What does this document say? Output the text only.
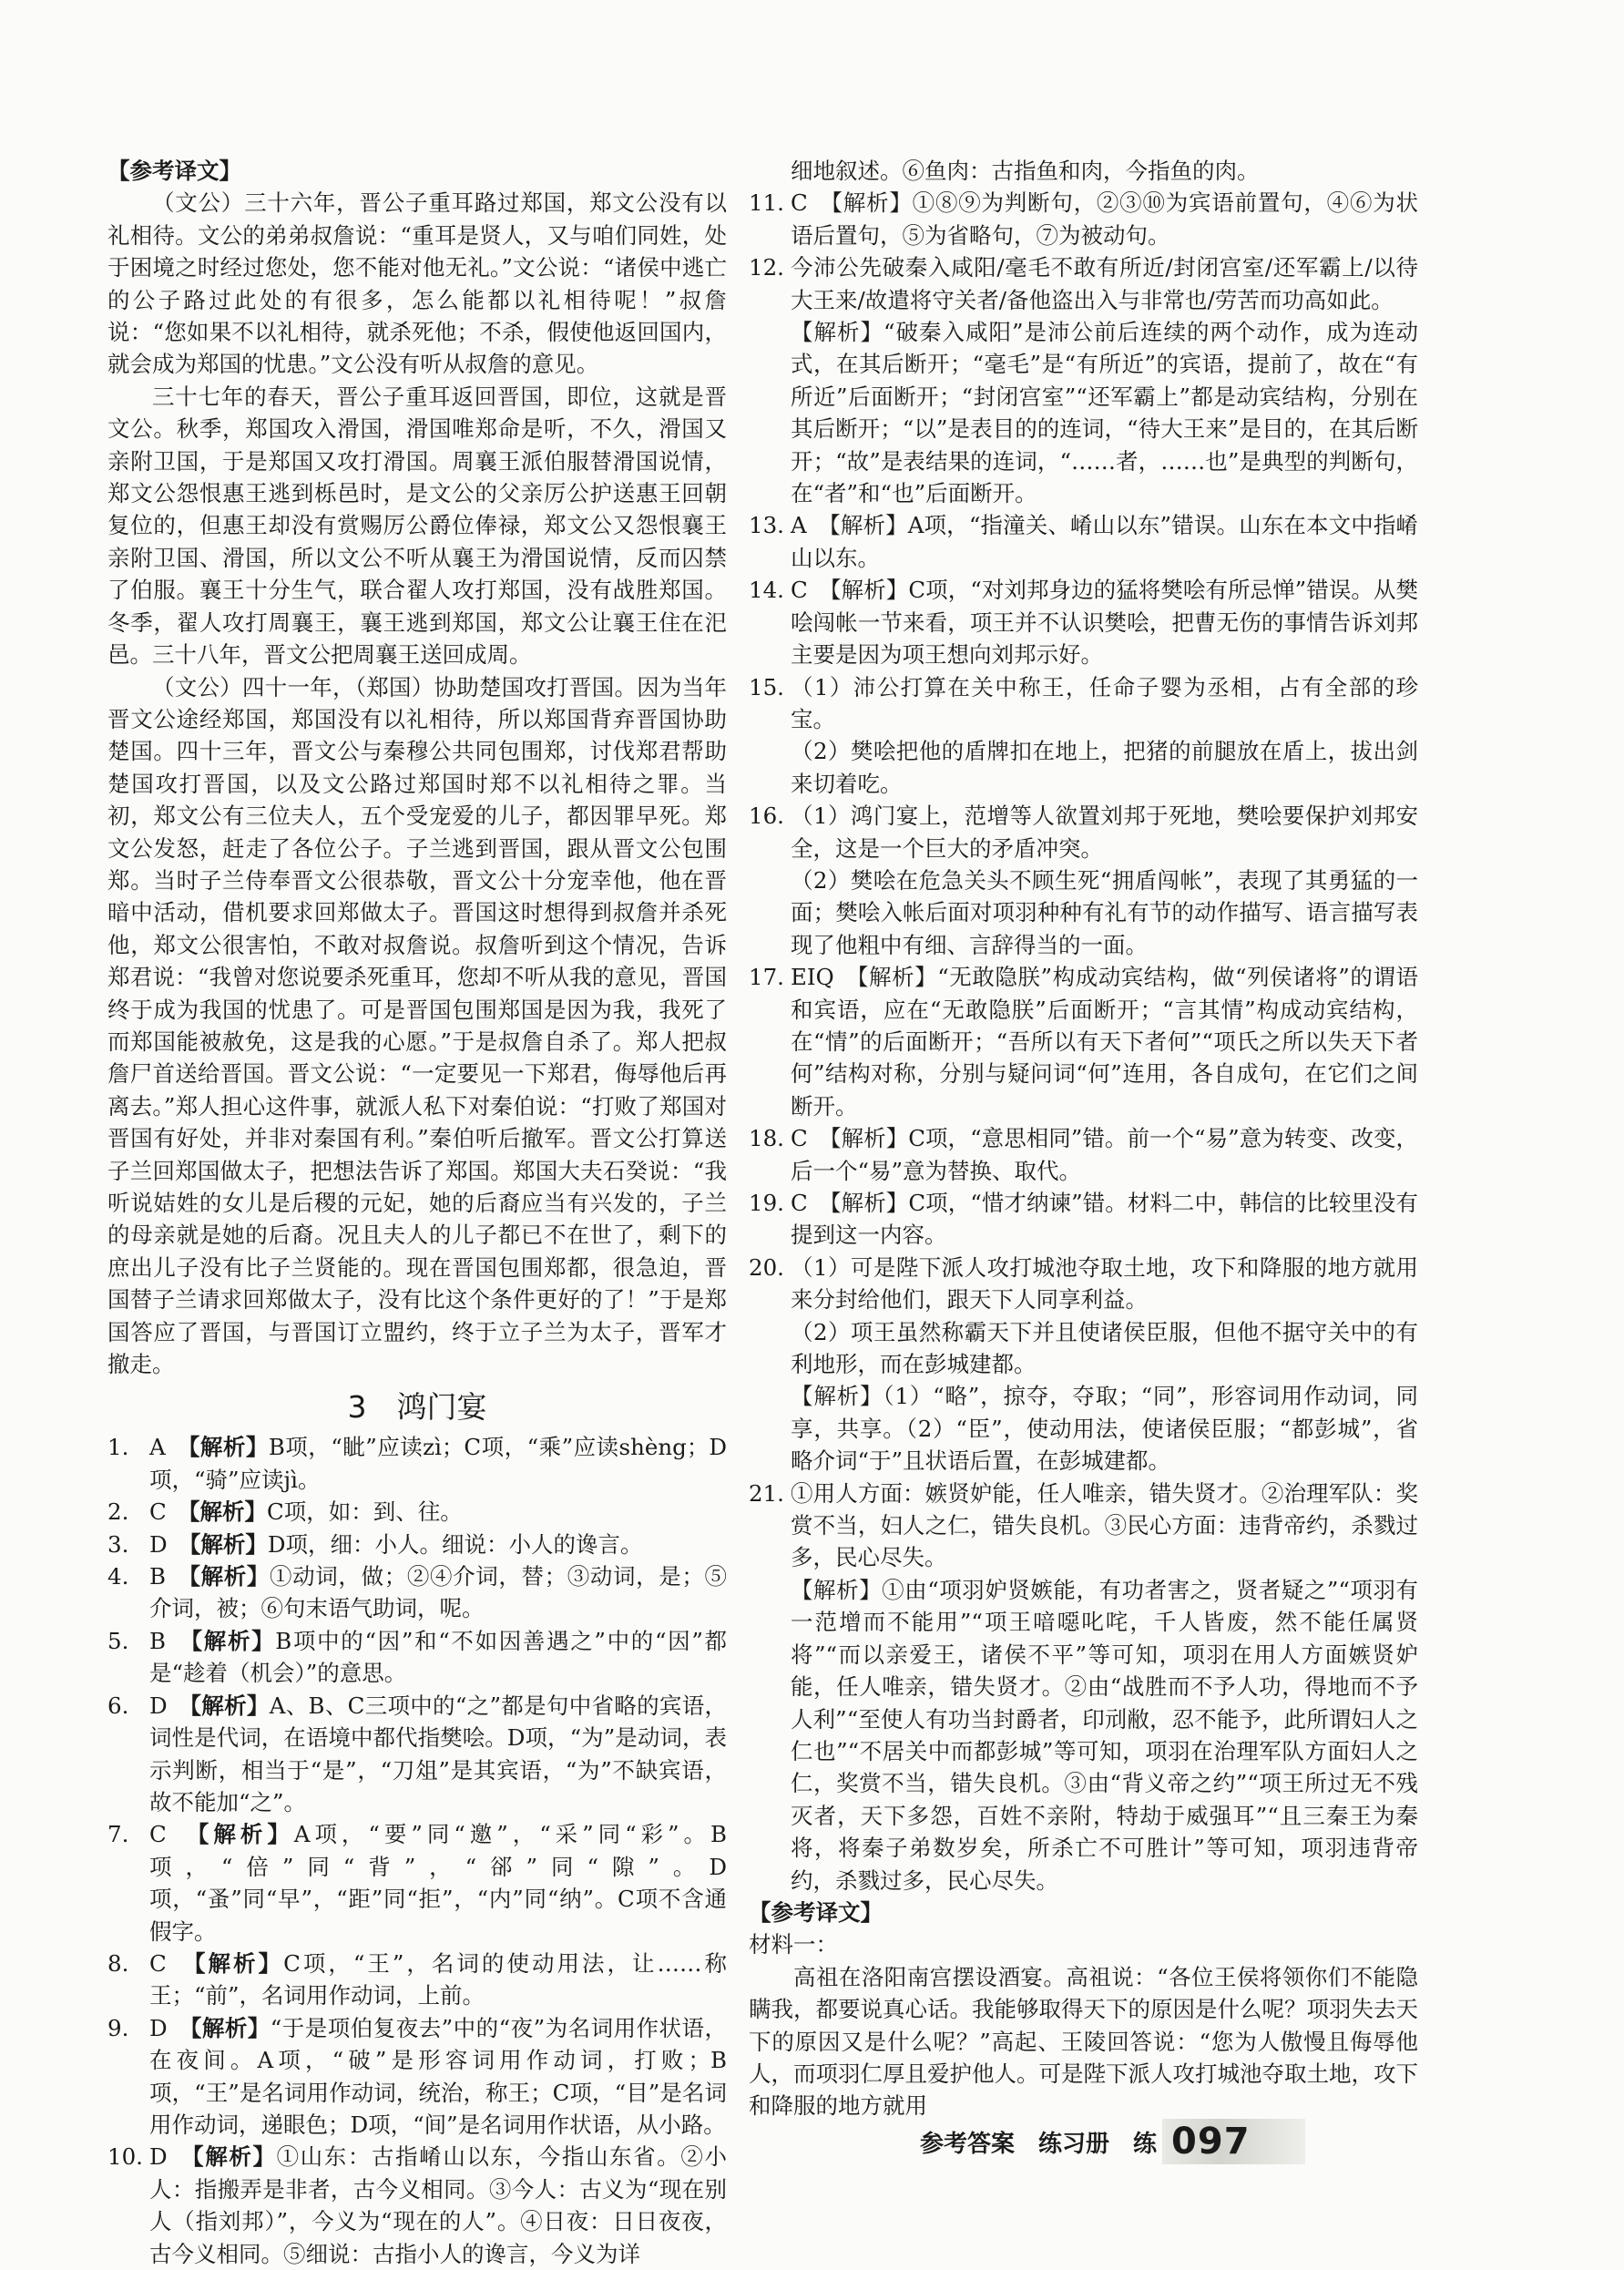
【参考译文】

（文公）三十六年，晋公子重耳路过郑国，郑文公没有以礼相待。文公的弟弟叔詹说：“重耳是贤人，又与咱们同姓，处于困境之时经过您处，您不能对他无礼。”文公说：“诸侯中逃亡的公子路过此处的有很多，怎么能都以礼相待呢！”叔詹说：“您如果不以礼相待，就杀死他；不杀，假使他返回国内，就会成为郑国的忧患。”文公没有听从叔詹的意见。

三十七年的春天，晋公子重耳返回晋国，即位，这就是晋文公。秋季，郑国攻入滑国，滑国唯郑命是听，不久，滑国又亲附卫国，于是郑国又攻打滑国。周襄王派伯服替滑国说情，郑文公怨恨惠王逃到栎邑时，是文公的父亲厉公护送惠王回朝复位的，但惠王却没有赏赐厉公爵位俸禄，郑文公又怨恨襄王亲附卫国、滑国，所以文公不听从襄王为滑国说情，反而囚禁了伯服。襄王十分生气，联合翟人攻打郑国，没有战胜郑国。冬季，翟人攻打周襄王，襄王逃到郑国，郑文公让襄王住在汜邑。三十八年，晋文公把周襄王送回成周。

（文公）四十一年，（郑国）协助楚国攻打晋国。因为当年晋文公途经郑国，郑国没有以礼相待，所以郑国背弃晋国协助楚国。四十三年，晋文公与秦穆公共同包围郑，讨伐郑君帮助楚国攻打晋国，以及文公路过郑国时郑不以礼相待之罪。当初，郑文公有三位夫人，五个受宠爱的儿子，都因罪早死。郑文公发怒，赶走了各位公子。子兰逃到晋国，跟从晋文公包围郑。当时子兰侍奉晋文公很恭敬，晋文公十分宠幸他，他在晋暗中活动，借机要求回郑做太子。晋国这时想得到叔詹并杀死他，郑文公很害怕，不敢对叔詹说。叔詹听到这个情况，告诉郑君说：“我曾对您说要杀死重耳，您却不听从我的意见，晋国终于成为我国的忧患了。可是晋国包围郑国是因为我，我死了而郑国能被赦免，这是我的心愿。”于是叔詹自杀了。郑人把叔詹尸首送给晋国。晋文公说：“一定要见一下郑君，侮辱他后再离去。”郑人担心这件事，就派人私下对秦伯说：“打败了郑国对晋国有好处，并非对秦国有利。”秦伯听后撤军。晋文公打算送子兰回郑国做太子，把想法告诉了郑国。郑国大夫石癸说：“我听说姞姓的女儿是后稷的元妃，她的后裔应当有兴发的，子兰的母亲就是她的后裔。况且夫人的儿子都已不在世了，剩下的庶出儿子没有比子兰贤能的。现在晋国包围郑都，很急迫，晋国替子兰请求回郑做太子，没有比这个条件更好的了！”于是郑国答应了晋国，与晋国订立盟约，终于立子兰为太子，晋军才撤走。

3　鸿门宴
1. A　【解析】B项，“眦”应读zì；C项，“乘”应读shèng；D项，“骑”应读jì。
2. C　【解析】C项，如：到、往。
3. D　【解析】D项，细：小人。细说：小人的谗言。
4. B　【解析】①动词，做；②④介词，替；③动词，是；⑤介词，被；⑥句末语气助词，呢。
5. B　【解析】B项中的“因”和“不如因善遇之”中的“因”都是“趁着（机会）”的意思。
6. D　【解析】A、B、C三项中的“之”都是句中省略的宾语，词性是代词，在语境中都代指樊哙。D项，“为”是动词，表示判断，相当于“是”，“刀俎”是其宾语，“为”不缺宾语，故不能加“之”。
7. C　【解析】A项，“要”同“邀”，“采”同“彩”。B项，“倍”同“背”，“郤”同“隙”。D项，“蚤”同“早”，“距”同“拒”，“内”同“纳”。C项不含通假字。
8. C　【解析】C项，“王”，名词的使动用法，让……称王；“前”，名词用作动词，上前。
9. D　【解析】“于是项伯复夜去”中的“夜”为名词用作状语，在夜间。A项，“破”是形容词用作动词，打败；B项，“王”是名词用作动词，统治，称王；C项，“目”是名词用作动词，递眼色；D项，“间”是名词用作状语，从小路。
10. D　【解析】①山东：古指崤山以东，今指山东省。②小人：指搬弄是非者，古今义相同。③今人：古义为“现在别人（指刘邦）”，今义为“现在的人”。④日夜：日日夜夜，古今义相同。⑤细说：古指小人的谗言，今义为详

细地叙述。⑥鱼肉：古指鱼和肉，今指鱼的肉。

11. C　【解析】①⑧⑨为判断句，②③⑩为宾语前置句，④⑥为状语后置句，⑤为省略句，⑦为被动句。
12. 今沛公先破秦入咸阳/毫毛不敢有所近/封闭宫室/还军霸上/以待大王来/故遣将守关者/备他盗出入与非常也/劳苦而功高如此。

【解析】“破秦入咸阳”是沛公前后连续的两个动作，成为连动式，在其后断开；“毫毛”是“有所近”的宾语，提前了，故在“有所近”后面断开；“封闭宫室”“还军霸上”都是动宾结构，分别在其后断开；“以”是表目的的连词，“待大王来”是目的，在其后断开；“故”是表结果的连词，“……者，……也”是典型的判断句，在“者”和“也”后面断开。

13. A　【解析】A项，“指潼关、崤山以东”错误。山东在本文中指崤山以东。
14. C　【解析】C项，“对刘邦身边的猛将樊哙有所忌惮”错误。从樊哙闯帐一节来看，项王并不认识樊哙，把曹无伤的事情告诉刘邦主要是因为项王想向刘邦示好。
15. （1）沛公打算在关中称王，任命子婴为丞相，占有全部的珍宝。

（2）樊哙把他的盾牌扣在地上，把猪的前腿放在盾上，拔出剑来切着吃。

16. （1）鸿门宴上，范增等人欲置刘邦于死地，樊哙要保护刘邦安全，这是一个巨大的矛盾冲突。

（2）樊哙在危急关头不顾生死“拥盾闯帐”，表现了其勇猛的一面；樊哙入帐后面对项羽种种有礼有节的动作描写、语言描写表现了他粗中有细、言辞得当的一面。

17. EIQ　【解析】“无敢隐朕”构成动宾结构，做“列侯诸将”的谓语和宾语，应在“无敢隐朕”后面断开；“言其情”构成动宾结构，在“情”的后面断开；“吾所以有天下者何”“项氏之所以失天下者何”结构对称，分别与疑问词“何”连用，各自成句，在它们之间断开。
18. C　【解析】C项，“意思相同”错。前一个“易”意为转变、改变，后一个“易”意为替换、取代。
19. C　【解析】C项，“惜才纳谏”错。材料二中，韩信的比较里没有提到这一内容。
20. （1）可是陛下派人攻打城池夺取土地，攻下和降服的地方就用来分封给他们，跟天下人同享利益。

（2）项王虽然称霸天下并且使诸侯臣服，但他不据守关中的有利地形，而在彭城建都。

【解析】（1）“略”，掠夺，夺取；“同”，形容词用作动词，同享，共享。（2）“臣”，使动用法，使诸侯臣服；“都彭城”，省略介词“于”且状语后置，在彭城建都。

21. ①用人方面：嫉贤妒能，任人唯亲，错失贤才。②治理军队：奖赏不当，妇人之仁，错失良机。③民心方面：违背帝约，杀戮过多，民心尽失。

【解析】①由“项羽妒贤嫉能，有功者害之，贤者疑之”“项羽有一范增而不能用”“项王喑噁叱咤，千人皆废，然不能任属贤将”“而以亲爱王，诸侯不平”等可知，项羽在用人方面嫉贤妒能，任人唯亲，错失贤才。②由“战胜而不予人功，得地而不予人利”“至使人有功当封爵者，印刓敝，忍不能予，此所谓妇人之仁也”“不居关中而都彭城”等可知，项羽在治理军队方面妇人之仁，奖赏不当，错失良机。③由“背义帝之约”“项王所过无不残灭者，天下多怨，百姓不亲附，特劫于威强耳”“且三秦王为秦将，将秦子弟数岁矣，所杀亡不可胜计”等可知，项羽违背帝约，杀戮过多，民心尽失。

【参考译文】

材料一：

高祖在洛阳南宫摆设酒宴。高祖说：“各位王侯将领你们不能隐瞒我，都要说真心话。我能够取得天下的原因是什么呢？项羽失去天下的原因又是什么呢？”高起、王陵回答说：“您为人傲慢且侮辱他人，而项羽仁厚且爱护他人。可是陛下派人攻打城池夺取土地，攻下和降服的地方就用

参考答案 练习册 练 097
